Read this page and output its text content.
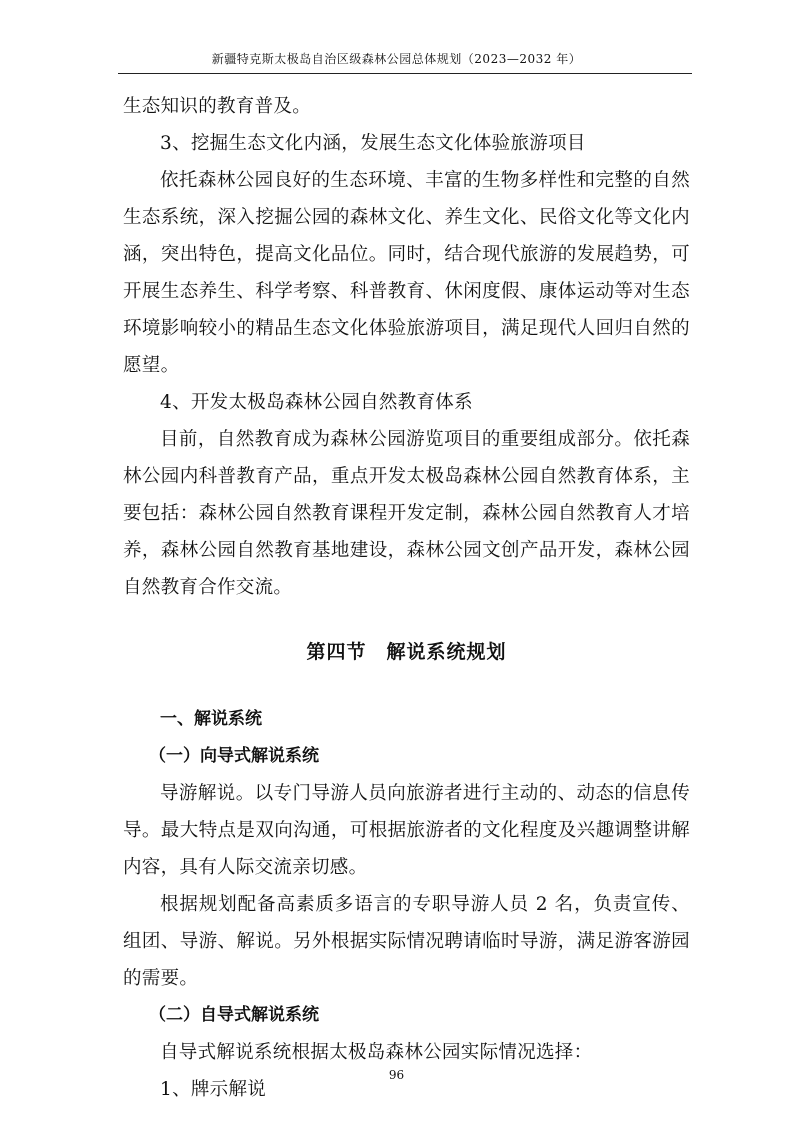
新疆特克斯太极岛自治区级森林公园总体规划（2023—2032 年）

生态知识的教育普及。

3、挖掘生态文化内涵，发展生态文化体验旅游项目

依托森林公园良好的生态环境、丰富的生物多样性和完整的自然生态系统，深入挖掘公园的森林文化、养生文化、民俗文化等文化内涵，突出特色，提高文化品位。同时，结合现代旅游的发展趋势，可开展生态养生、科学考察、科普教育、休闲度假、康体运动等对生态环境影响较小的精品生态文化体验旅游项目，满足现代人回归自然的愿望。

4、开发太极岛森林公园自然教育体系

目前，自然教育成为森林公园游览项目的重要组成部分。依托森林公园内科普教育产品，重点开发太极岛森林公园自然教育体系，主要包括：森林公园自然教育课程开发定制，森林公园自然教育人才培养，森林公园自然教育基地建设，森林公园文创产品开发，森林公园自然教育合作交流。

第四节　解说系统规划

一、解说系统

（一）向导式解说系统

导游解说。以专门导游人员向旅游者进行主动的、动态的信息传导。最大特点是双向沟通，可根据旅游者的文化程度及兴趣调整讲解内容，具有人际交流亲切感。

根据规划配备高素质多语言的专职导游人员 2 名，负责宣传、组团、导游、解说。另外根据实际情况聘请临时导游，满足游客游园的需要。

（二）自导式解说系统

自导式解说系统根据太极岛森林公园实际情况选择：

1、牌示解说

96
